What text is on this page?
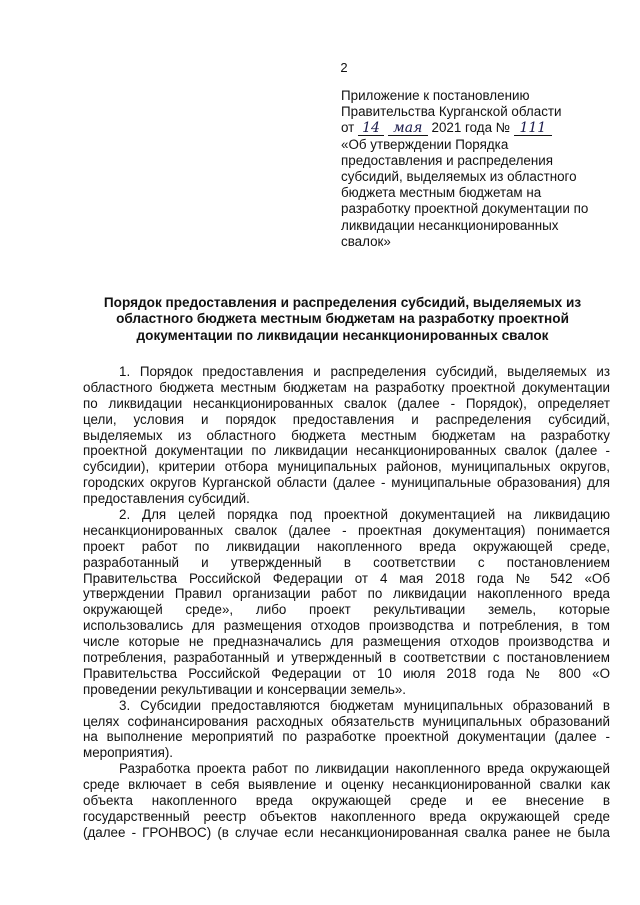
2
Приложение к постановлению
Правительства Курганской области
от 14 мая 2021 года № 111
«Об утверждении Порядка
предоставления и распределения
субсидий, выделяемых из областного
бюджета местным бюджетам на
разработку проектной документации по
ликвидации несанкционированных
свалок»
Порядок предоставления и распределения субсидий, выделяемых из
областного бюджета местным бюджетам на разработку проектной
документации по ликвидации несанкционированных свалок
1. Порядок предоставления и распределения субсидий, выделяемых из
областного бюджета местным бюджетам на разработку проектной документации
по ликвидации несанкционированных свалок (далее - Порядок), определяет
цели, условия и порядок предоставления и распределения субсидий,
выделяемых из областного бюджета местным бюджетам на разработку
проектной документации по ликвидации несанкционированных свалок (далее -
субсидии), критерии отбора муниципальных районов, муниципальных округов,
городских округов Курганской области (далее - муниципальные образования) для
предоставления субсидий.
2. Для целей порядка под проектной документацией на ликвидацию
несанкционированных свалок (далее - проектная документация) понимается
проект работ по ликвидации накопленного вреда окружающей среде,
разработанный и утвержденный в соответствии с постановлением
Правительства Российской Федерации от 4 мая 2018 года № 542 «Об
утверждении Правил организации работ по ликвидации накопленного вреда
окружающей среде», либо проект рекультивации земель, которые
использовались для размещения отходов производства и потребления, в том
числе которые не предназначались для размещения отходов производства и
потребления, разработанный и утвержденный в соответствии с постановлением
Правительства Российской Федерации от 10 июля 2018 года № 800 «О
проведении рекультивации и консервации земель».
3. Субсидии предоставляются бюджетам муниципальных образований в
целях софинансирования расходных обязательств муниципальных образований
на выполнение мероприятий по разработке проектной документации (далее -
мероприятия).
Разработка проекта работ по ликвидации накопленного вреда окружающей
среде включает в себя выявление и оценку несанкционированной свалки как
объекта накопленного вреда окружающей среде и ее внесение в
государственный реестр объектов накопленного вреда окружающей среде
(далее - ГРОНВОС) (в случае если несанкционированная свалка ранее не была
